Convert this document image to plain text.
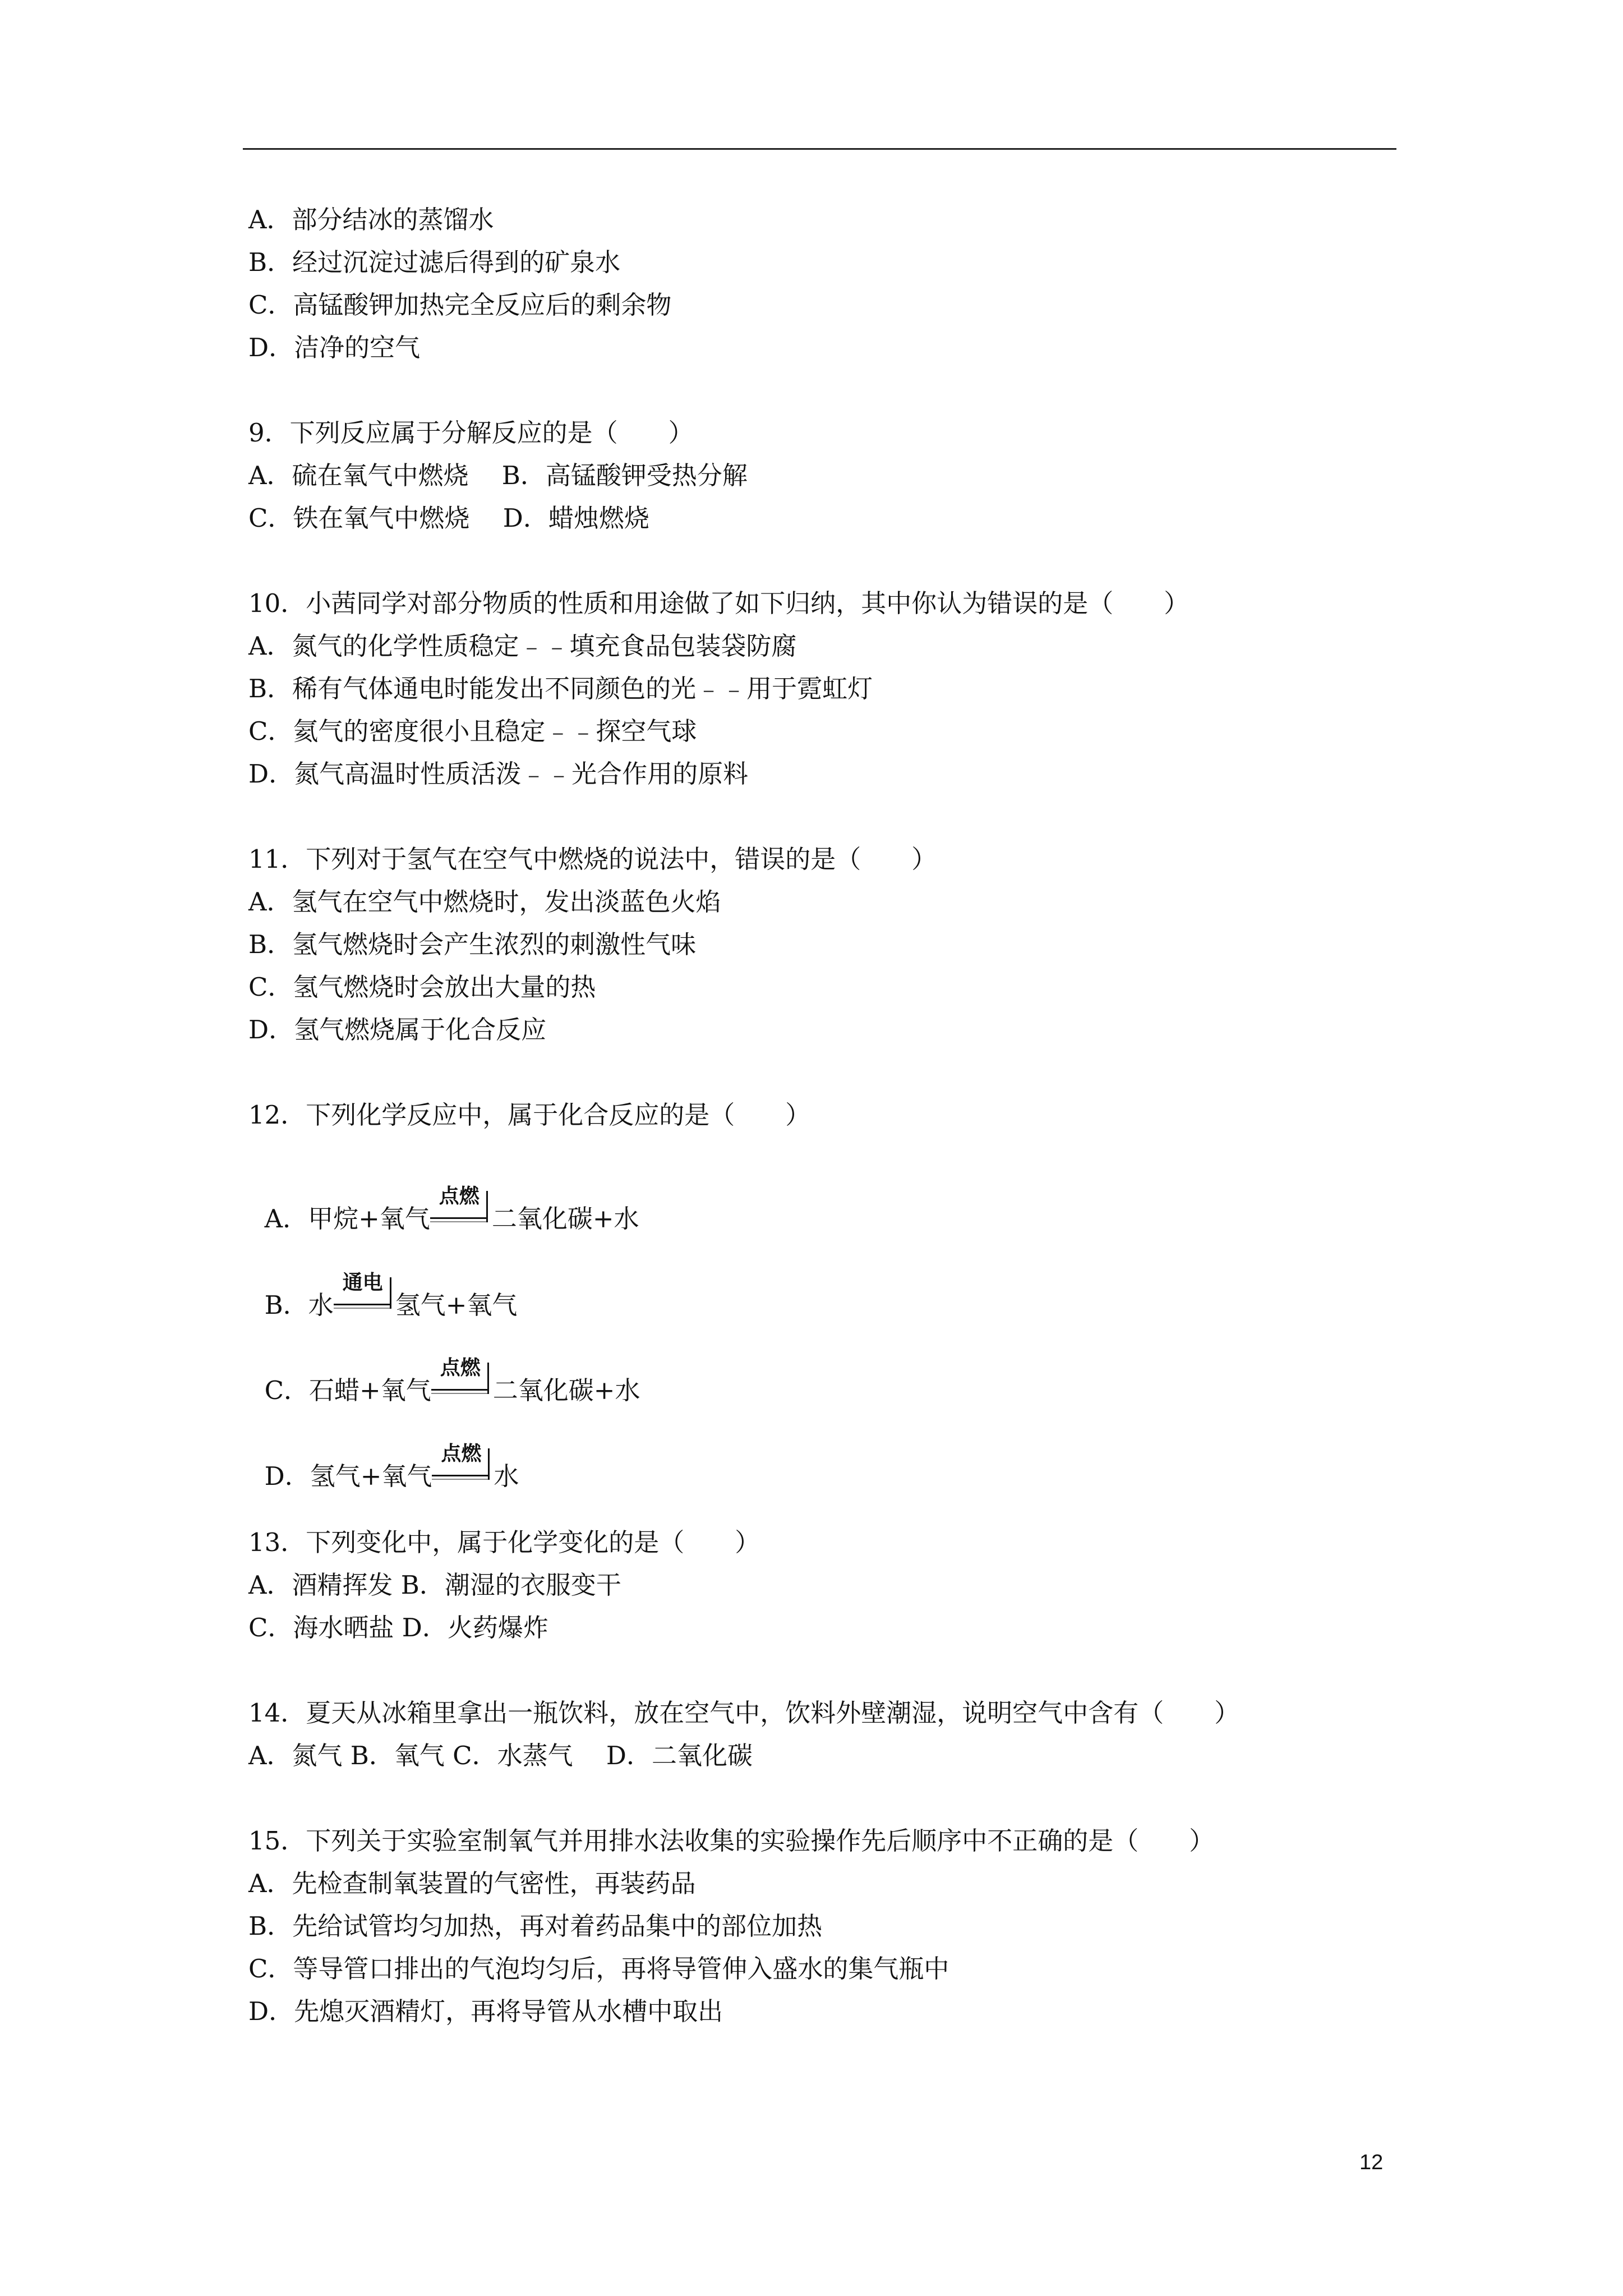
A．部分结冰的蒸馏水
B．经过沉淀过滤后得到的矿泉水
C．高锰酸钾加热完全反应后的剩余物
D．洁净的空气
9．下列反应属于分解反应的是（　　）
A．硫在氧气中燃烧　 B．高锰酸钾受热分解
C．铁在氧气中燃烧　 D．蜡烛燃烧
10．小茜同学对部分物质的性质和用途做了如下归纳，其中你认为错误的是（　　）
A．氮气的化学性质稳定﹣﹣填充食品包装袋防腐
B．稀有气体通电时能发出不同颜色的光﹣﹣用于霓虹灯
C．氦气的密度很小且稳定﹣﹣探空气球
D．氮气高温时性质活泼﹣﹣光合作用的原料
11．下列对于氢气在空气中燃烧的说法中，错误的是（　　）
A．氢气在空气中燃烧时，发出淡蓝色火焰
B．氢气燃烧时会产生浓烈的刺激性气味
C．氢气燃烧时会放出大量的热
D．氢气燃烧属于化合反应
12．下列化学反应中，属于化合反应的是（　　）

A．甲烷+氧气
点燃
二氧化碳+水

B．水
通电
氢气+氧气

C．石蜡+氧气
点燃
二氧化碳+水

D．氢气+氧气
点燃
水

13．下列变化中，属于化学变化的是（　　）
A．酒精挥发 B．潮湿的衣服变干
C．海水晒盐 D．火药爆炸
14．夏天从冰箱里拿出一瓶饮料，放在空气中，饮料外壁潮湿，说明空气中含有（　　）
A．氮气 B．氧气 C．水蒸气　 D．二氧化碳
15．下列关于实验室制氧气并用排水法收集的实验操作先后顺序中不正确的是（　　）
A．先检查制氧装置的气密性，再装药品
B．先给试管均匀加热，再对着药品集中的部位加热
C．等导管口排出的气泡均匀后，再将导管伸入盛水的集气瓶中
D．先熄灭酒精灯，再将导管从水槽中取出
12
